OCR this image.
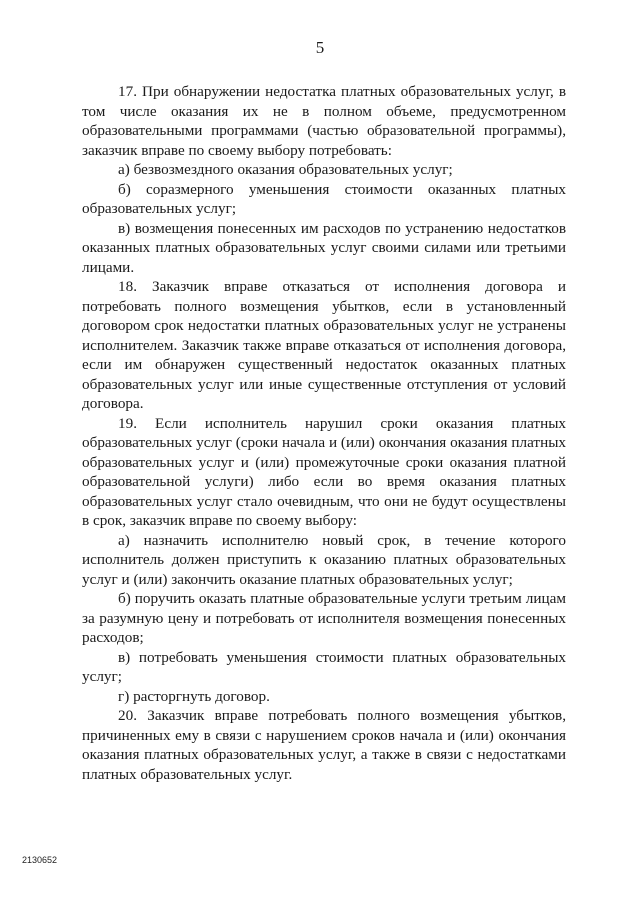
5

17. При обнаружении недостатка платных образовательных услуг, в том числе оказания их не в полном объеме, предусмотренном образовательными программами (частью образовательной программы), заказчик вправе по своему выбору потребовать:

а) безвозмездного оказания образовательных услуг;

б) соразмерного уменьшения стоимости оказанных платных образовательных услуг;

в) возмещения понесенных им расходов по устранению недостатков оказанных платных образовательных услуг своими силами или третьими лицами.

18. Заказчик вправе отказаться от исполнения договора и потребовать полного возмещения убытков, если в установленный договором срок недостатки платных образовательных услуг не устранены исполнителем. Заказчик также вправе отказаться от исполнения договора, если им обнаружен существенный недостаток оказанных платных образовательных услуг или иные существенные отступления от условий договора.

19. Если исполнитель нарушил сроки оказания платных образовательных услуг (сроки начала и (или) окончания оказания платных образовательных услуг и (или) промежуточные сроки оказания платной образовательной услуги) либо если во время оказания платных образовательных услуг стало очевидным, что они не будут осуществлены в срок, заказчик вправе по своему выбору:

а) назначить исполнителю новый срок, в течение которого исполнитель должен приступить к оказанию платных образовательных услуг и (или) закончить оказание платных образовательных услуг;

б) поручить оказать платные образовательные услуги третьим лицам за разумную цену и потребовать от исполнителя возмещения понесенных расходов;

в) потребовать уменьшения стоимости платных образовательных услуг;

г) расторгнуть договор.

20. Заказчик вправе потребовать полного возмещения убытков, причиненных ему в связи с нарушением сроков начала и (или) окончания оказания платных образовательных услуг, а также в связи с недостатками платных образовательных услуг.

2130652
